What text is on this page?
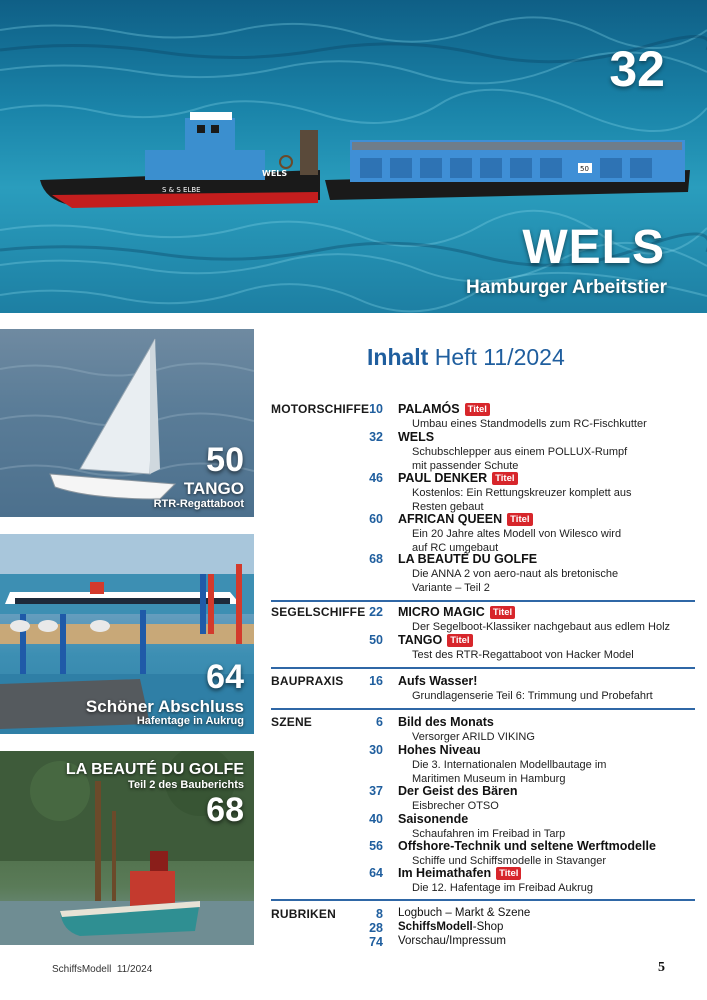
S & S ELBE
WELS	50
32
WELS
Hamburger Arbeitstier
50
TANGO
RTR-Regattaboot
64
Schöner Abschluss
Hafentage in Aukrug
LA BEAUTÉ DU GOLFE
Teil 2 des Bauberichts
68
Inhalt Heft 11/2024
MOTORSCHIFFE 10 PALAMÓS Titel
Umbau eines Standmodells zum RC-Fischkutter
32 WELS
Schubschlepper aus einem POLLUX-Rumpf
mit passender Schute
46 PAUL DENKER Titel
Kostenlos: Ein Rettungskreuzer komplett aus
Resten gebaut
60 AFRICAN QUEEN Titel
Ein 20 Jahre altes Modell von Wilesco wird
auf RC umgebaut
68 LA BEAUTÉ DU GOLFE
Die ANNA 2 von aero-naut als bretonische
Variante – Teil 2
SEGELSCHIFFE 22 MICRO MAGIC Titel
Der Segelboot-Klassiker nachgebaut aus edlem Holz
50 TANGO Titel
Test des RTR-Regattaboot von Hacker Model
BAUPRAXIS	16 Aufs Wasser!
Grundlagenserie Teil 6: Trimmung und Probefahrt
SZENE	6 Bild des Monats
Versorger ARILD VIKING
30 Hohes Niveau
Die 3. Internationalen Modellbautage im
Maritimen Museum in Hamburg
37 Der Geist des Bären
Eisbrecher OTSO
40 Saisonende
Schaufahren im Freibad in Tarp
56 Offshore-Technik und seltene Werftmodelle
Schiffe und Schiffsmodelle in Stavanger
64 Im Heimathafen Titel
Die 12. Hafentage im Freibad Aukrug
RUBRIKEN	8 Logbuch – Markt & Szene
28 SchiffsModell-Shop
74 Vorschau/Impressum
SchiffsModell 11/2024	5
